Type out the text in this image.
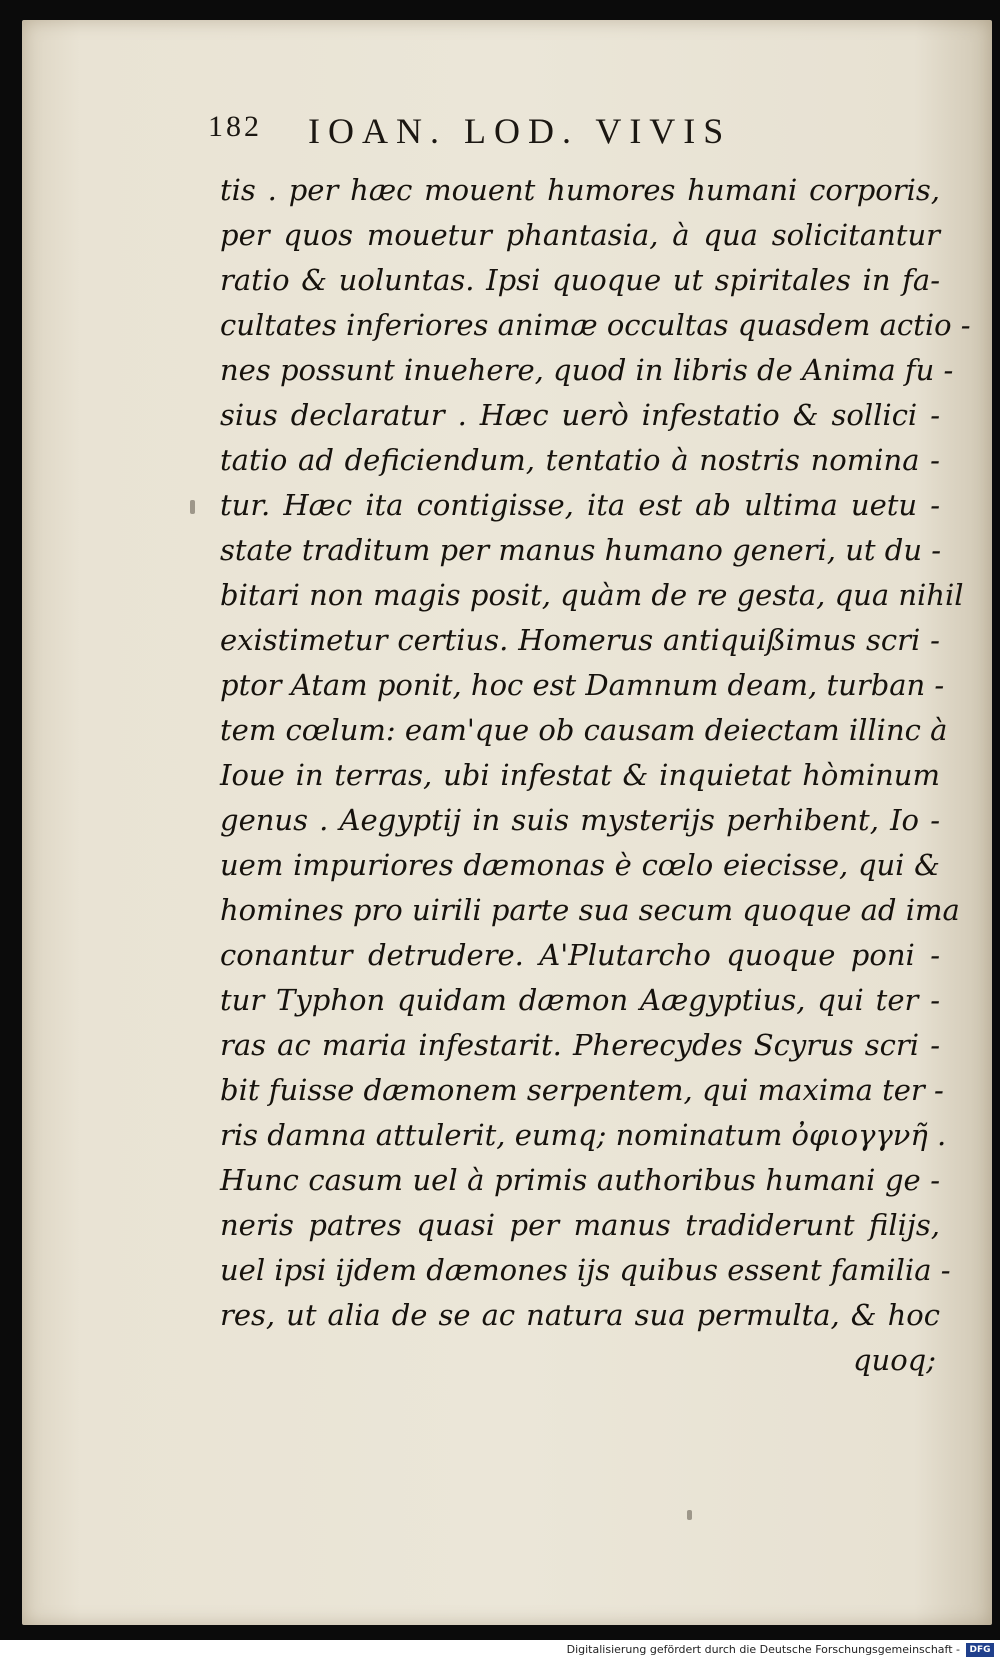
182 IOAN. LOD. VIVIS
tis . per hæc mouent humores humani corporis,
per quos mouetur phantasia, à qua solicitantur
ratio & uoluntas. Ipsi quoque ut spiritales in fa-
cultates inferiores animæ occultas quasdem actio -
nes possunt inuehere, quod in libris de Anima fu -
sius declaratur . Hæc uerò infestatio & sollici -
tatio ad deficiendum, tentatio à nostris nomina -
tur. Hæc ita contigisse, ita est ab ultima uetu -
state traditum per manus humano generi, ut du -
bitari non magis posit, quàm de re gesta, qua nihil
existimetur certius. Homerus antiquißimus scri -
ptor Atam ponit, hoc est Damnum deam, turban -
tem cœlum: eam'que ob causam deiectam illinc à
Ioue in terras, ubi infestat & inquietat hòminum
genus . Aegyptij in suis mysterijs perhibent, Io -
uem impuriores dæmonas è cœlo eiecisse, qui &
homines pro uirili parte sua secum quoque ad ima
conantur detrudere. A'Plutarcho quoque poni -
tur Typhon quidam dæmon Aægyptius, qui ter -
ras ac maria infestarit. Pherecydes Scyrus scri -
bit fuisse dæmonem serpentem, qui maxima ter -
ris damna attulerit, eumq; nominatum ὀφιογγνῆ .
Hunc casum uel à primis authoribus humani ge -
neris patres quasi per manus tradiderunt filijs,
uel ipsi ijdem dæmones ijs quibus essent familia -
res, ut alia de se ac natura sua permulta, & hoc
quoq;
Digitalisierung gefördert durch die Deutsche Forschungsgemeinschaft -	DFG
